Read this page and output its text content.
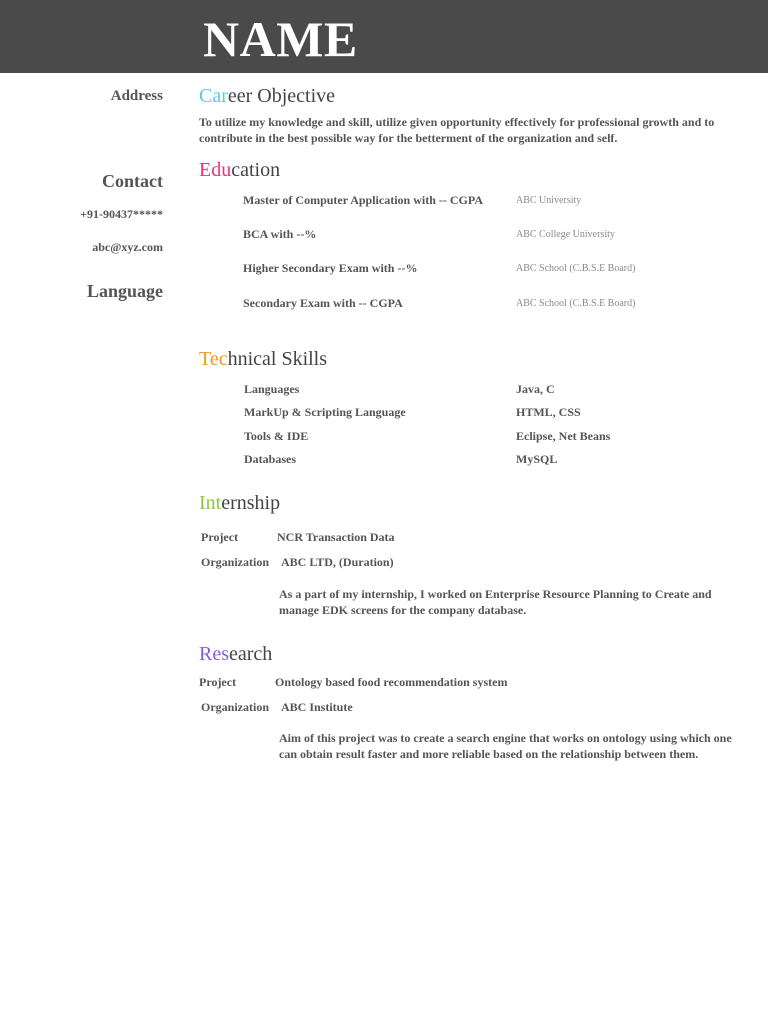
NAME
Address
Contact
+91-90437*****
abc@xyz.com
Language
Career Objective
To utilize my knowledge and skill, utilize given opportunity effectively for professional growth and to contribute in the best possible way for the betterment of the organization and self.
Education
Master of Computer Application with -- CGPA	ABC University
BCA with --%	ABC College University
Higher Secondary Exam with --%	ABC School (C.B.S.E Board)
Secondary Exam with -- CGPA	ABC School (C.B.S.E Board)
Technical Skills
Languages	Java, C
MarkUp & Scripting Language	HTML, CSS
Tools & IDE	Eclipse, Net Beans
Databases	MySQL
Internship
Project	NCR Transaction Data
Organization ABC LTD, (Duration)
As a part of my internship, I worked on Enterprise Resource Planning to Create and manage EDK screens for the company database.
Research
Project	Ontology based food recommendation system
Organization ABC Institute
Aim of this project was to create a search engine that works on ontology using which one can obtain result faster and more reliable based on the relationship between them.
